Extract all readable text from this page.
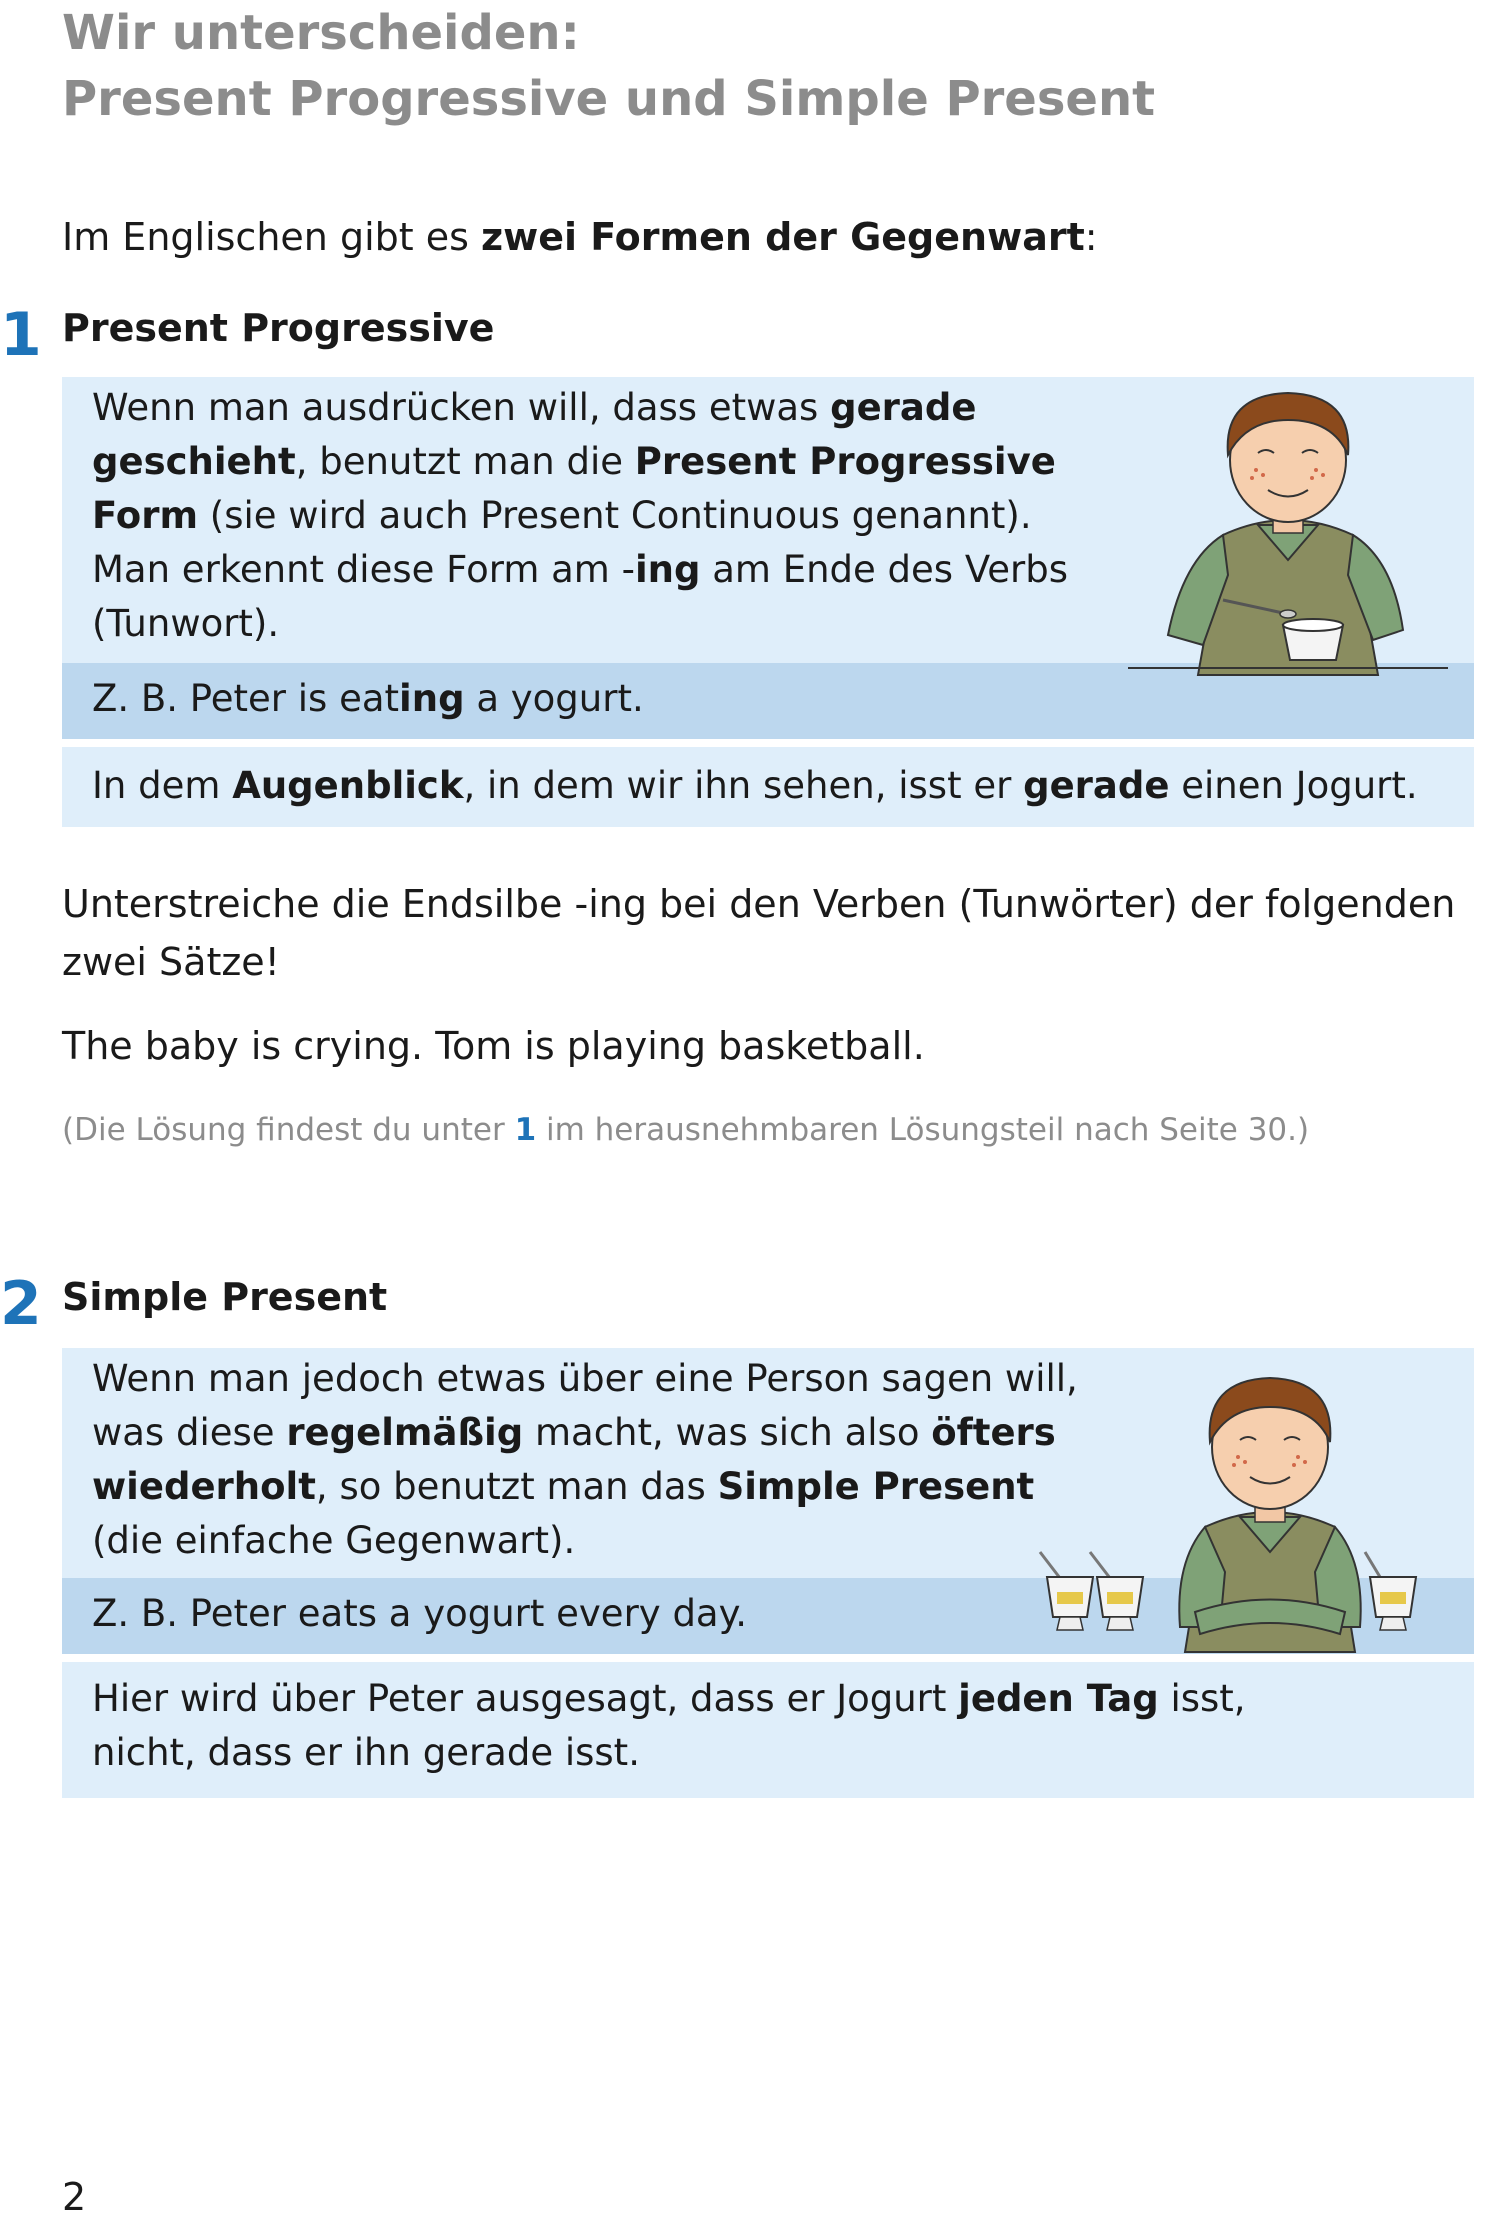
Wir unterscheiden:
Present Progressive und Simple Present

Im Englischen gibt es zwei Formen der Gegenwart:

1 Present Progressive
Wenn man ausdrücken will, dass etwas gerade
geschieht, benutzt man die Present Progressive
Form (sie wird auch Present Continuous genannt).
Man erkennt diese Form am -ing am Ende des Verbs
(Tunwort).
Z. B. Peter is eating a yogurt.
In dem Augenblick, in dem wir ihn sehen, isst er gerade einen Jogurt.

Unterstreiche die Endsilbe -ing bei den Verben (Tunwörter) der folgenden
zwei Sätze!

The baby is crying. Tom is playing basketball.

(Die Lösung findest du unter 1 im herausnehmbaren Lösungsteil nach Seite 30.)

2 Simple Present
Wenn man jedoch etwas über eine Person sagen will,
was diese regelmäßig macht, was sich also öfters
wiederholt, so benutzt man das Simple Present
(die einfache Gegenwart).
Z. B. Peter eats a yogurt every day.
Hier wird über Peter ausgesagt, dass er Jogurt jeden Tag isst,
nicht, dass er ihn gerade isst.
2
